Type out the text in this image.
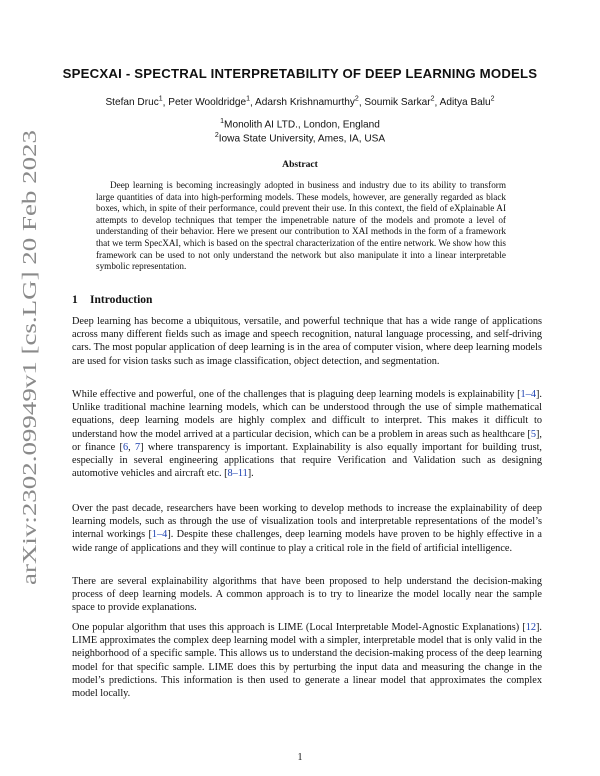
arXiv:2302.09949v1 [cs.LG] 20 Feb 2023
SPECXAI - SPECTRAL INTERPRETABILITY OF DEEP LEARNING MODELS
Stefan Druc$^1$, Peter Wooldridge$^1$, Adarsh Krishnamurthy$^2$, Soumik Sarkar$^2$, Aditya Balu$^2$
$^1$Monolith AI LTD., London, England
$^2$Iowa State University, Ames, IA, USA
Abstract
Deep learning is becoming increasingly adopted in business and industry due to its ability to transform large quantities of data into high-performing models. These models, however, are generally regarded as black boxes, which, in spite of their performance, could prevent their use. In this context, the field of eXplainable AI attempts to develop techniques that temper the impenetrable nature of the models and promote a level of understanding of their behavior. Here we present our contribution to XAI methods in the form of a framework that we term SpecXAI, which is based on the spectral characterization of the entire network. We show how this framework can be used to not only understand the network but also manipulate it into a linear interpretable symbolic representation.
1 Introduction
Deep learning has become a ubiquitous, versatile, and powerful technique that has a wide range of applications across many different fields such as image and speech recognition, natural language processing, and self-driving cars. The most popular application of deep learning is in the area of computer vision, where deep learning models are used for vision tasks such as image classification, object detection, and segmentation.
While effective and powerful, one of the challenges that is plaguing deep learning models is explainability [1–4]. Unlike traditional machine learning models, which can be understood through the use of simple mathematical equations, deep learning models are highly complex and difficult to interpret. This makes it difficult to understand how the model arrived at a particular decision, which can be a problem in areas such as healthcare [5], or finance [6, 7] where transparency is important. Explainability is also equally important for building trust, especially in several engineering applications that require Verification and Validation such as designing automotive vehicles and aircraft etc. [8–11].
Over the past decade, researchers have been working to develop methods to increase the explainability of deep learning models, such as through the use of visualization tools and interpretable representations of the model’s internal workings [1–4]. Despite these challenges, deep learning models have proven to be highly effective in a wide range of applications and they will continue to play a critical role in the field of artificial intelligence.
There are several explainability algorithms that have been proposed to help understand the decision-making process of deep learning models. A common approach is to try to linearize the model locally near the sample space to provide explanations.
One popular algorithm that uses this approach is LIME (Local Interpretable Model-Agnostic Explanations) [12]. LIME approximates the complex deep learning model with a simpler, interpretable model that is only valid in the neighborhood of a specific sample. This allows us to understand the decision-making process of the deep learning model for that specific sample. LIME does this by perturbing the input data and measuring the change in the model’s predictions. This information is then used to generate a linear model that approximates the complex model locally.
1
